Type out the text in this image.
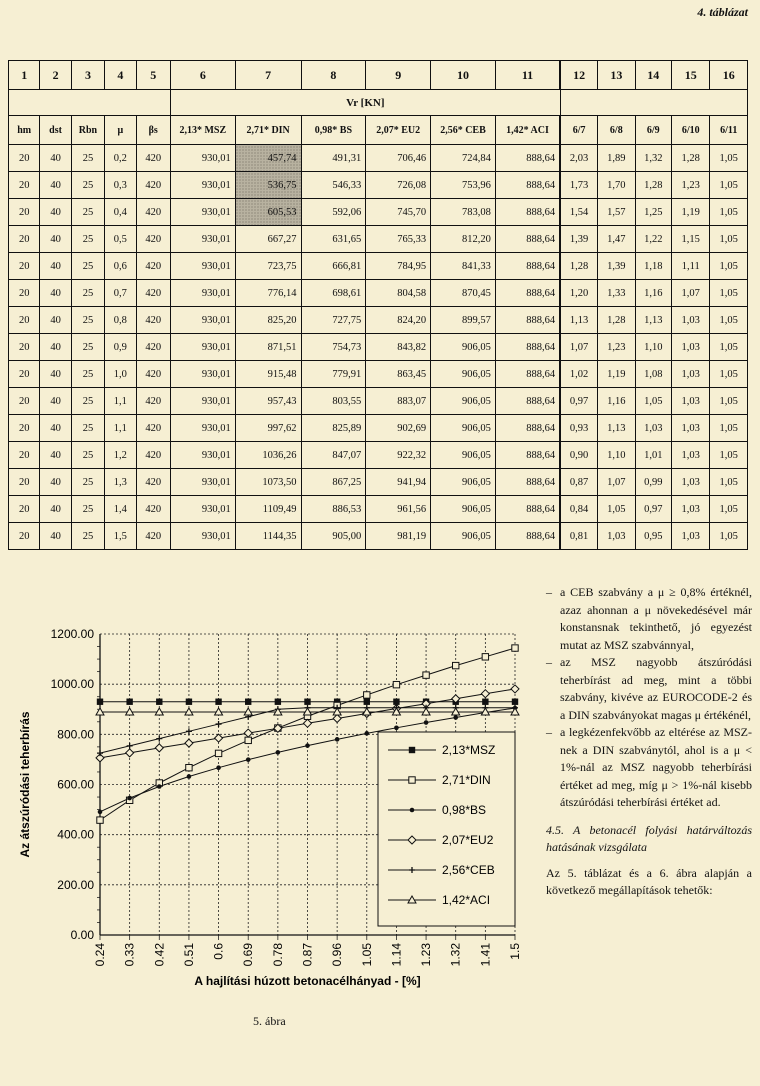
4. táblázat
1	2	3	4	5	6	7	8	9	10	11	12	13	14	15	16
					Vr [KN]										
hm	dst	Rbn	μ	βs	2,13* MSZ	2,71* DIN	0,98* BS	2,07* EU2	2,56* CEB	1,42* ACI	6/7	6/8	6/9	6/10	6/11
20	40	25	0,2	420	930,01	457,74	491,31	706,46	724,84	888,64	2,03	1,89	1,32	1,28	1,05
20	40	25	0,3	420	930,01	536,75	546,33	726,08	753,96	888,64	1,73	1,70	1,28	1,23	1,05
20	40	25	0,4	420	930,01	605,53	592,06	745,70	783,08	888,64	1,54	1,57	1,25	1,19	1,05
20	40	25	0,5	420	930,01	667,27	631,65	765,33	812,20	888,64	1,39	1,47	1,22	1,15	1,05
20	40	25	0,6	420	930,01	723,75	666,81	784,95	841,33	888,64	1,28	1,39	1,18	1,11	1,05
20	40	25	0,7	420	930,01	776,14	698,61	804,58	870,45	888,64	1,20	1,33	1,16	1,07	1,05
20	40	25	0,8	420	930,01	825,20	727,75	824,20	899,57	888,64	1,13	1,28	1,13	1,03	1,05
20	40	25	0,9	420	930,01	871,51	754,73	843,82	906,05	888,64	1,07	1,23	1,10	1,03	1,05
20	40	25	1,0	420	930,01	915,48	779,91	863,45	906,05	888,64	1,02	1,19	1,08	1,03	1,05
20	40	25	1,1	420	930,01	957,43	803,55	883,07	906,05	888,64	0,97	1,16	1,05	1,03	1,05
20	40	25	1,1	420	930,01	997,62	825,89	902,69	906,05	888,64	0,93	1,13	1,03	1,03	1,05
20	40	25	1,2	420	930,01	1036,26	847,07	922,32	906,05	888,64	0,90	1,10	1,01	1,03	1,05
20	40	25	1,3	420	930,01	1073,50	867,25	941,94	906,05	888,64	0,87	1,07	0,99	1,03	1,05
20	40	25	1,4	420	930,01	1109,49	886,53	961,56	906,05	888,64	0,84	1,05	0,97	1,03	1,05
20	40	25	1,5	420	930,01	1144,35	905,00	981,19	906,05	888,64	0,81	1,03	0,95	1,03	1,05
0.00
200.00
400.00
600.00
800.00
1000.00
1200.00
0.24 0.33 0.42 0.51 0.6 0.69 0.78 0.87 0.96 1.05 1.14 1.23 1.32 1.41 1.5
Az átszúródási teherbírás
A hajlítási húzott betonacélhányad - [%]
2,13*MSZ
2,71*DIN
0,98*BS
2,07*EU2
2,56*CEB
1,42*ACI
5. ábra

– a CEB szabvány a μ ≥ 0,8% értéknél, azaz ahonnan a μ növekedésével már konstansnak tekinthető, jó egyezést mutat az MSZ szabvánnyal,

– az MSZ nagyobb átszúródási teherbírást ad meg, mint a többi szabvány, kivéve az EUROCODE-2 és a DIN szabványokat magas μ értékénél,

– a legkézenfekvőbb az eltérése az MSZ-nek a DIN szabványtól, ahol is a μ < 1%-nál az MSZ nagyobb teherbírási értéket ad meg, míg μ > 1%-nál kisebb átszúródási teherbírási értéket ad.

4.5. A betonacél folyási határváltozás hatásának vizsgálata

Az 5. táblázat és a 6. ábra alapján a következő megállapítások tehetők:
